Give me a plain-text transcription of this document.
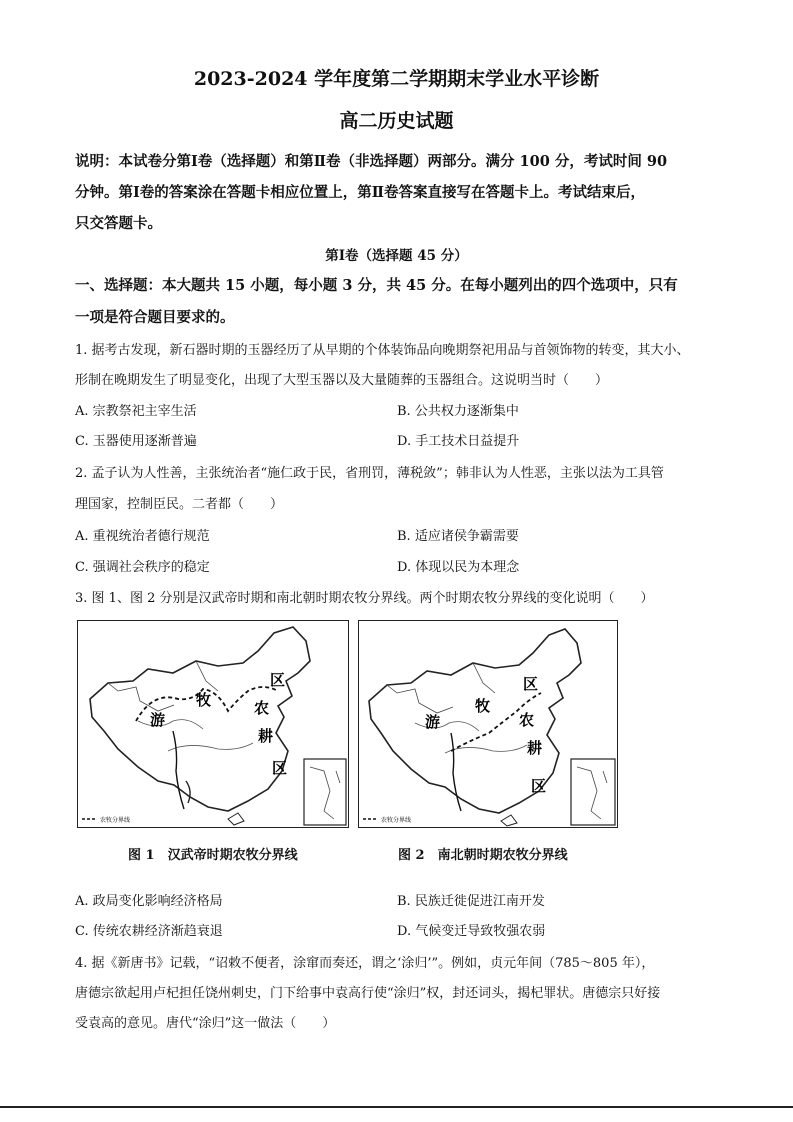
2023-2024 学年度第二学期期末学业水平诊断
高二历史试题
说明：本试卷分第Ⅰ卷（选择题）和第Ⅱ卷（非选择题）两部分。满分 100 分，考试时间 90
分钟。第Ⅰ卷的答案涂在答题卡相应位置上，第Ⅱ卷答案直接写在答题卡上。考试结束后，
只交答题卡。
第Ⅰ卷（选择题 45 分）
一、选择题：本大题共 15 小题，每小题 3 分，共 45 分。在每小题列出的四个选项中，只有
一项是符合题目要求的。
1. 据考古发现，新石器时期的玉器经历了从早期的个体装饰品向晚期祭祀用品与首领饰物的转变，其大小、
形制在晚期发生了明显变化，出现了大型玉器以及大量随葬的玉器组合。这说明当时（　　）
A. 宗教祭祀主宰生活	B. 公共权力逐渐集中
C. 玉器使用逐渐普遍	D. 手工技术日益提升
2. 孟子认为人性善，主张统治者“施仁政于民，省刑罚，薄税敛”；韩非认为人性恶，主张以法为工具管
理国家，控制臣民。二者都（　　）
A. 重视统治者德行规范	B. 适应诸侯争霸需要
C. 强调社会秩序的稳定	D. 体现以民为本理念
3. 图 1、图 2 分别是汉武帝时期和南北朝时期农牧分界线。两个时期农牧分界线的变化说明（　　）
区
牧	农
游
耕
区
农牧分界线
区
牧
农
游
耕
区
农牧分界线
图 1　汉武帝时期农牧分界线	图 2　南北朝时期农牧分界线
A. 政局变化影响经济格局	B. 民族迁徙促进江南开发
C. 传统农耕经济渐趋衰退	D. 气候变迁导致牧强农弱
4. 据《新唐书》记载，“诏敕不便者，涂窜而奏还，谓之‘涂归’”。例如，贞元年间（785～805 年），
唐德宗欲起用卢杞担任饶州刺史，门下给事中袁高行使“涂归”权，封还词头，揭杞罪状。唐德宗只好接
受袁高的意见。唐代“涂归”这一做法（　　）
